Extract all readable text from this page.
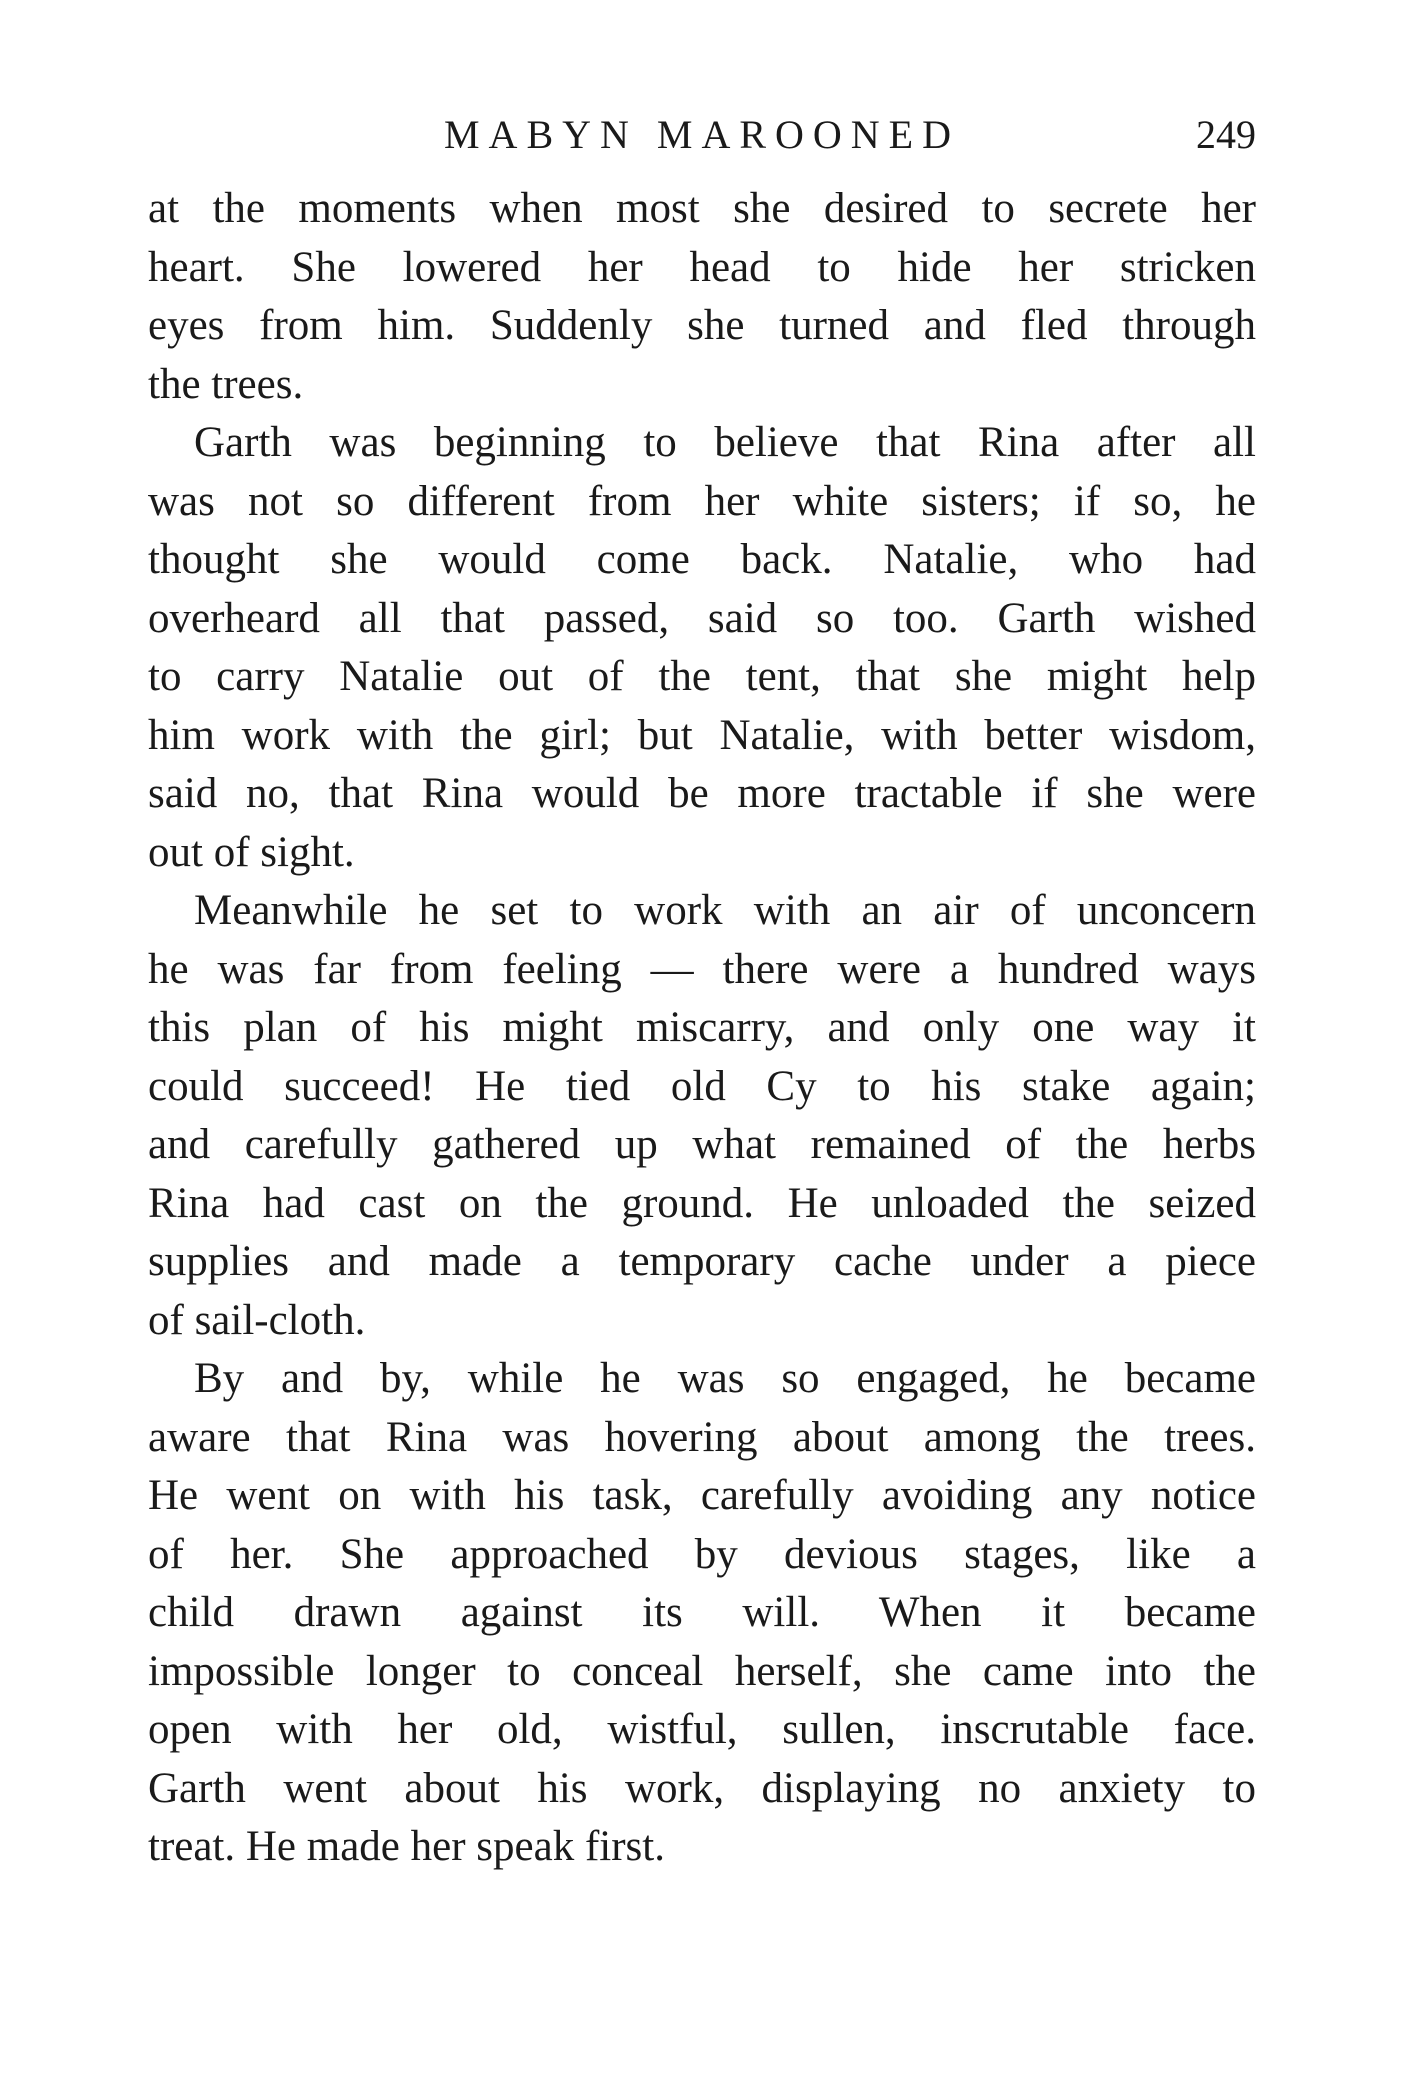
MABYN MAROONED	249
at the moments when most she desired to secrete her
heart. She lowered her head to hide her stricken
eyes from him. Suddenly she turned and fled through
the trees.
Garth was beginning to believe that Rina after all
was not so different from her white sisters; if so, he
thought she would come back. Natalie, who had
overheard all that passed, said so too. Garth wished
to carry Natalie out of the tent, that she might help
him work with the girl; but Natalie, with better wisdom,
said no, that Rina would be more tractable if she were
out of sight.
Meanwhile he set to work with an air of unconcern
he was far from feeling — there were a hundred ways
this plan of his might miscarry, and only one way it
could succeed! He tied old Cy to his stake again;
and carefully gathered up what remained of the herbs
Rina had cast on the ground. He unloaded the seized
supplies and made a temporary cache under a piece
of sail-cloth.
By and by, while he was so engaged, he became
aware that Rina was hovering about among the trees.
He went on with his task, carefully avoiding any notice
of her. She approached by devious stages, like a
child drawn against its will. When it became
impossible longer to conceal herself, she came into the
open with her old, wistful, sullen, inscrutable face.
Garth went about his work, displaying no anxiety to
treat. He made her speak first.
